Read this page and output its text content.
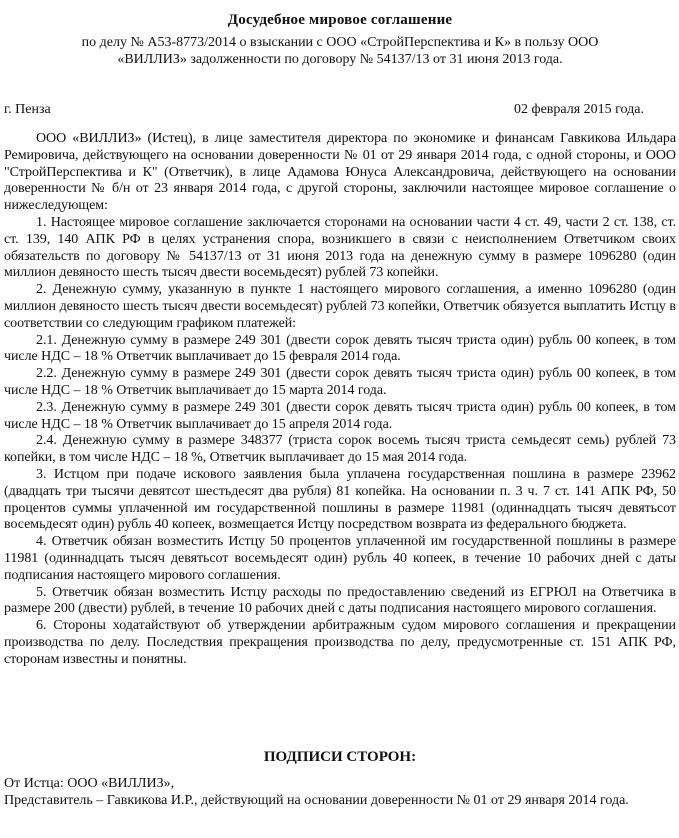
Досудебное мировое соглашение
по делу № А53-8773/2014 о взыскании с ООО «СтройПерспектива и К» в пользу ООО
«ВИЛЛИЗ» задолженности по договору № 54137/13 от 31 июня 2013 года.
г. Пенза	02 февраля 2015 года.

ООО «ВИЛЛИЗ» (Истец), в лице заместителя директора по экономике и финансам Гавкикова Ильдара Ремировича, действующего на основании доверенности № 01 от 29 января 2014 года, с одной стороны, и ООО "СтройПерспектива и К" (Ответчик), в лице Адамова Юнуса Александровича, действующего на основании доверенности № б/н от 23 января 2014 года, с другой стороны, заключили настоящее мировое соглашение о нижеследующем:

1. Настоящее мировое соглашение заключается сторонами на основании части 4 ст. 49, части 2 ст. 138, ст. ст. 139, 140 АПК РФ в целях устранения спора, возникшего в связи с неисполнением Ответчиком своих обязательств по договору № 54137/13 от 31 июня 2013 года на денежную сумму в размере 1096280 (один миллион девяносто шесть тысяч двести восемьдесят) рублей 73 копейки.

2. Денежную сумму, указанную в пункте 1 настоящего мирового соглашения, а именно 1096280 (один миллион девяносто шесть тысяч двести восемьдесят) рублей 73 копейки, Ответчик обязуется выплатить Истцу в соответствии со следующим графиком платежей:

2.1. Денежную сумму в размере 249 301 (двести сорок девять тысяч триста один) рубль 00 копеек, в том числе НДС – 18 % Ответчик выплачивает до 15 февраля 2014 года.

2.2. Денежную сумму в размере 249 301 (двести сорок девять тысяч триста один) рубль 00 копеек, в том числе НДС – 18 % Ответчик выплачивает до 15 марта 2014 года.

2.3. Денежную сумму в размере 249 301 (двести сорок девять тысяч триста один) рубль 00 копеек, в том числе НДС – 18 % Ответчик выплачивает до 15 апреля 2014 года.

2.4. Денежную сумму в размере 348377 (триста сорок восемь тысяч триста семьдесят семь) рублей 73 копейки, в том числе НДС – 18 %, Ответчик выплачивает до 15 мая 2014 года.

3. Истцом при подаче искового заявления была уплачена государственная пошлина в размере 23962 (двадцать три тысячи девятсот шестьдесят два рубля) 81 копейка. На основании п. 3 ч. 7 ст. 141 АПК РФ, 50 процентов суммы уплаченной им государственной пошлины в размере 11981 (одиннадцать тысяч девятьсот восемьдесят один) рубль 40 копеек, возмещается Истцу посредством возврата из федерального бюджета.

4. Ответчик обязан возместить Истцу 50 процентов уплаченной им государственной пошлины в размере 11981 (одиннадцать тысяч девятьсот восемьдесят один) рубль 40 копеек, в течение 10 рабочих дней с даты подписания настоящего мирового соглашения.

5. Ответчик обязан возместить Истцу расходы по предоставлению сведений из ЕГРЮЛ на Ответчика в размере 200 (двести) рублей, в течение 10 рабочих дней с даты подписания настоящего мирового соглашения.

6. Стороны ходатайствуют об утверждении арбитражным судом мирового соглашения и прекращении производства по делу. Последствия прекращения производства по делу, предусмотренные ст. 151 АПК РФ, сторонам известны и понятны.

ПОДПИСИ СТОРОН:

От Истца: ООО «ВИЛЛИЗ»,

Представитель – Гавкикова И.Р., действующий на основании доверенности № 01 от 29 января 2014 года.
